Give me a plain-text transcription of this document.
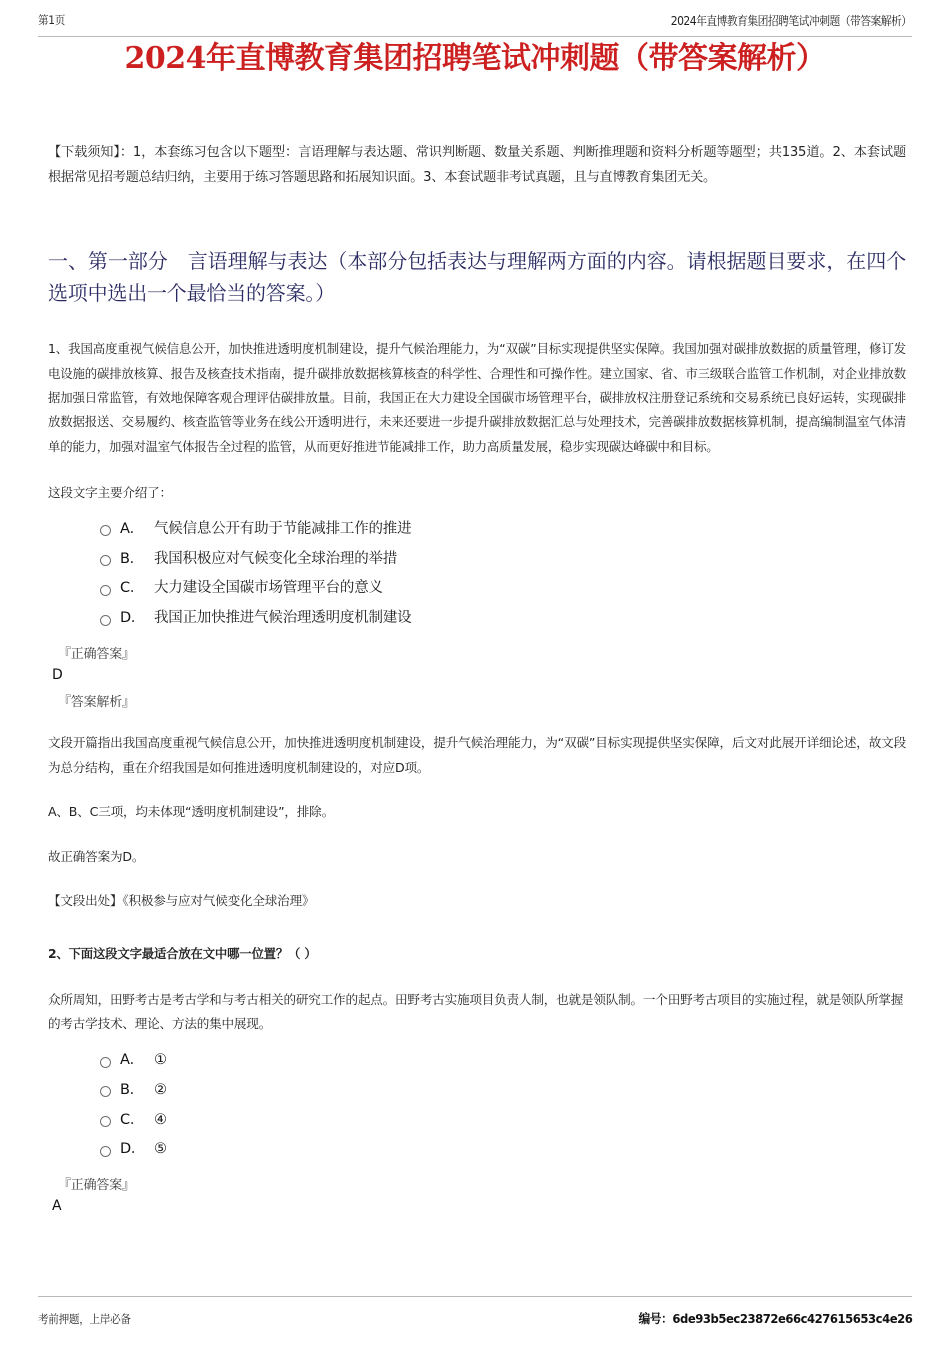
第1页	2024年直博教育集团招聘笔试冲刺题（带答案解析）
2024年直博教育集团招聘笔试冲刺题（带答案解析）

【下载须知】：1，本套练习包含以下题型：言语理解与表达题、常识判断题、数量关系题、判断推理题和资料分析题等题型；共135道。2、本套试题根据常见招考题总结归纳，主要用于练习答题思路和拓展知识面。3、本套试题非考试真题，且与直博教育集团无关。

一、第一部分　言语理解与表达（本部分包括表达与理解两方面的内容。请根据题目要求，在四个选项中选出一个最恰当的答案。）

1、我国高度重视气候信息公开，加快推进透明度机制建设，提升气候治理能力，为“双碳”目标实现提供坚实保障。我国加强对碳排放数据的质量管理，修订发电设施的碳排放核算、报告及核查技术指南，提升碳排放数据核算核查的科学性、合理性和可操作性。建立国家、省、市三级联合监管工作机制，对企业排放数据加强日常监管，有效地保障客观合理评估碳排放量。目前，我国正在大力建设全国碳市场管理平台，碳排放权注册登记系统和交易系统已良好运转，实现碳排放数据报送、交易履约、核查监管等业务在线公开透明进行，未来还要进一步提升碳排放数据汇总与处理技术，完善碳排放数据核算机制，提高编制温室气体清单的能力，加强对温室气体报告全过程的监管，从而更好推进节能减排工作，助力高质量发展，稳步实现碳达峰碳中和目标。

这段文字主要介绍了：

A． 气候信息公开有助于节能减排工作的推进
B． 我国积极应对气候变化全球治理的举措
C． 大力建设全国碳市场管理平台的意义
D． 我国正加快推进气候治理透明度机制建设
『正确答案』
D
『答案解析』

文段开篇指出我国高度重视气候信息公开，加快推进透明度机制建设，提升气候治理能力，为“双碳”目标实现提供坚实保障，后文对此展开详细论述，故文段为总分结构，重在介绍我国是如何推进透明度机制建设的，对应D项。

A、B、C三项，均未体现“透明度机制建设”，排除。

故正确答案为D。

【文段出处】《积极参与应对气候变化全球治理》

2、下面这段文字最适合放在文中哪一位置？（ ）

众所周知，田野考古是考古学和与考古相关的研究工作的起点。田野考古实施项目负责人制，也就是领队制。一个田野考古项目的实施过程，就是领队所掌握的考古学技术、理论、方法的集中展现。

A． ①
B． ②
C． ④
D． ⑤
『正确答案』
A
考前押题，上岸必备	编号：6de93b5ec23872e66c427615653c4e26
